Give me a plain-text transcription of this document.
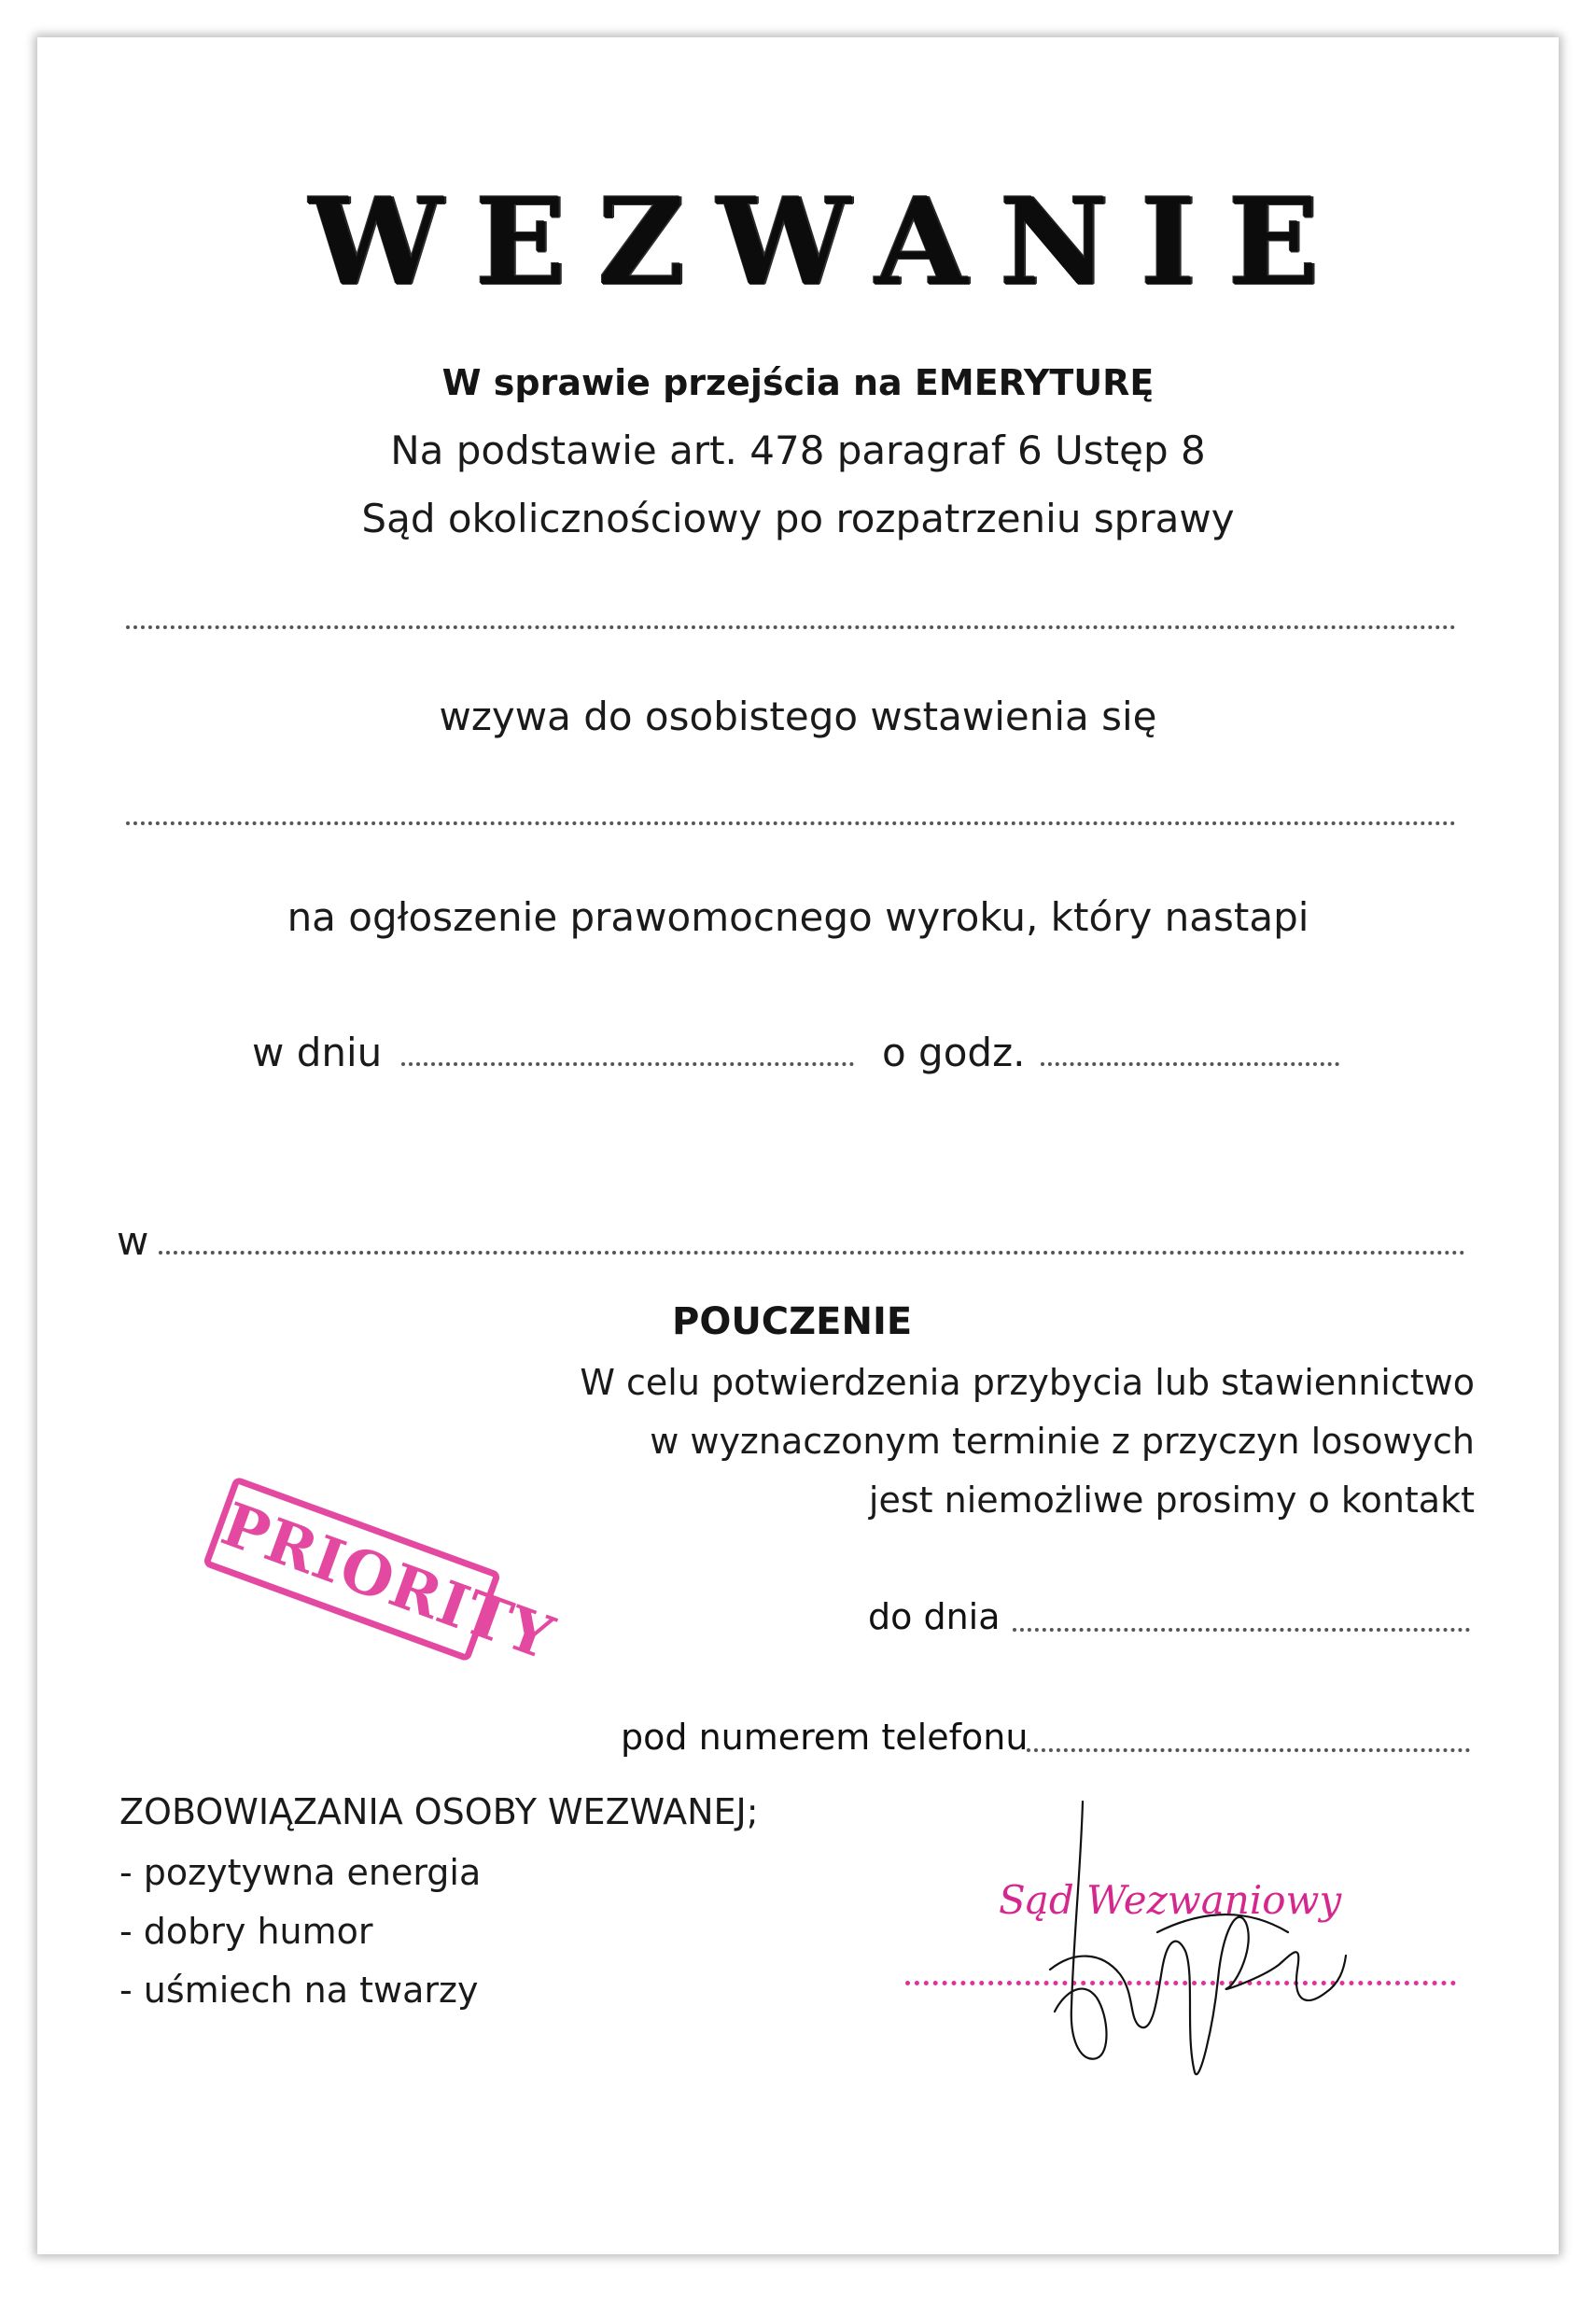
WEZWANIE
W sprawie przejścia na EMERYTURĘ
Na podstawie art. 478 paragraf 6 Ustęp 8
Sąd okolicznościowy po rozpatrzeniu sprawy
wzywa do osobistego wstawienia się
na ogłoszenie prawomocnego wyroku, który nastapi
w dniu	o godz.
w
POUCZENIE
W celu potwierdzenia przybycia lub stawiennictwo
w wyznaczonym terminie z przyczyn losowych
jest niemożliwe prosimy o kontakt
PRIORITY	do dnia
pod numerem telefonu
ZOBOWIĄZANIA OSOBY WEZWANEJ;
- pozytywna energia
- dobry humor
- uśmiech na twarzy
Sąd Wezwaniowy
